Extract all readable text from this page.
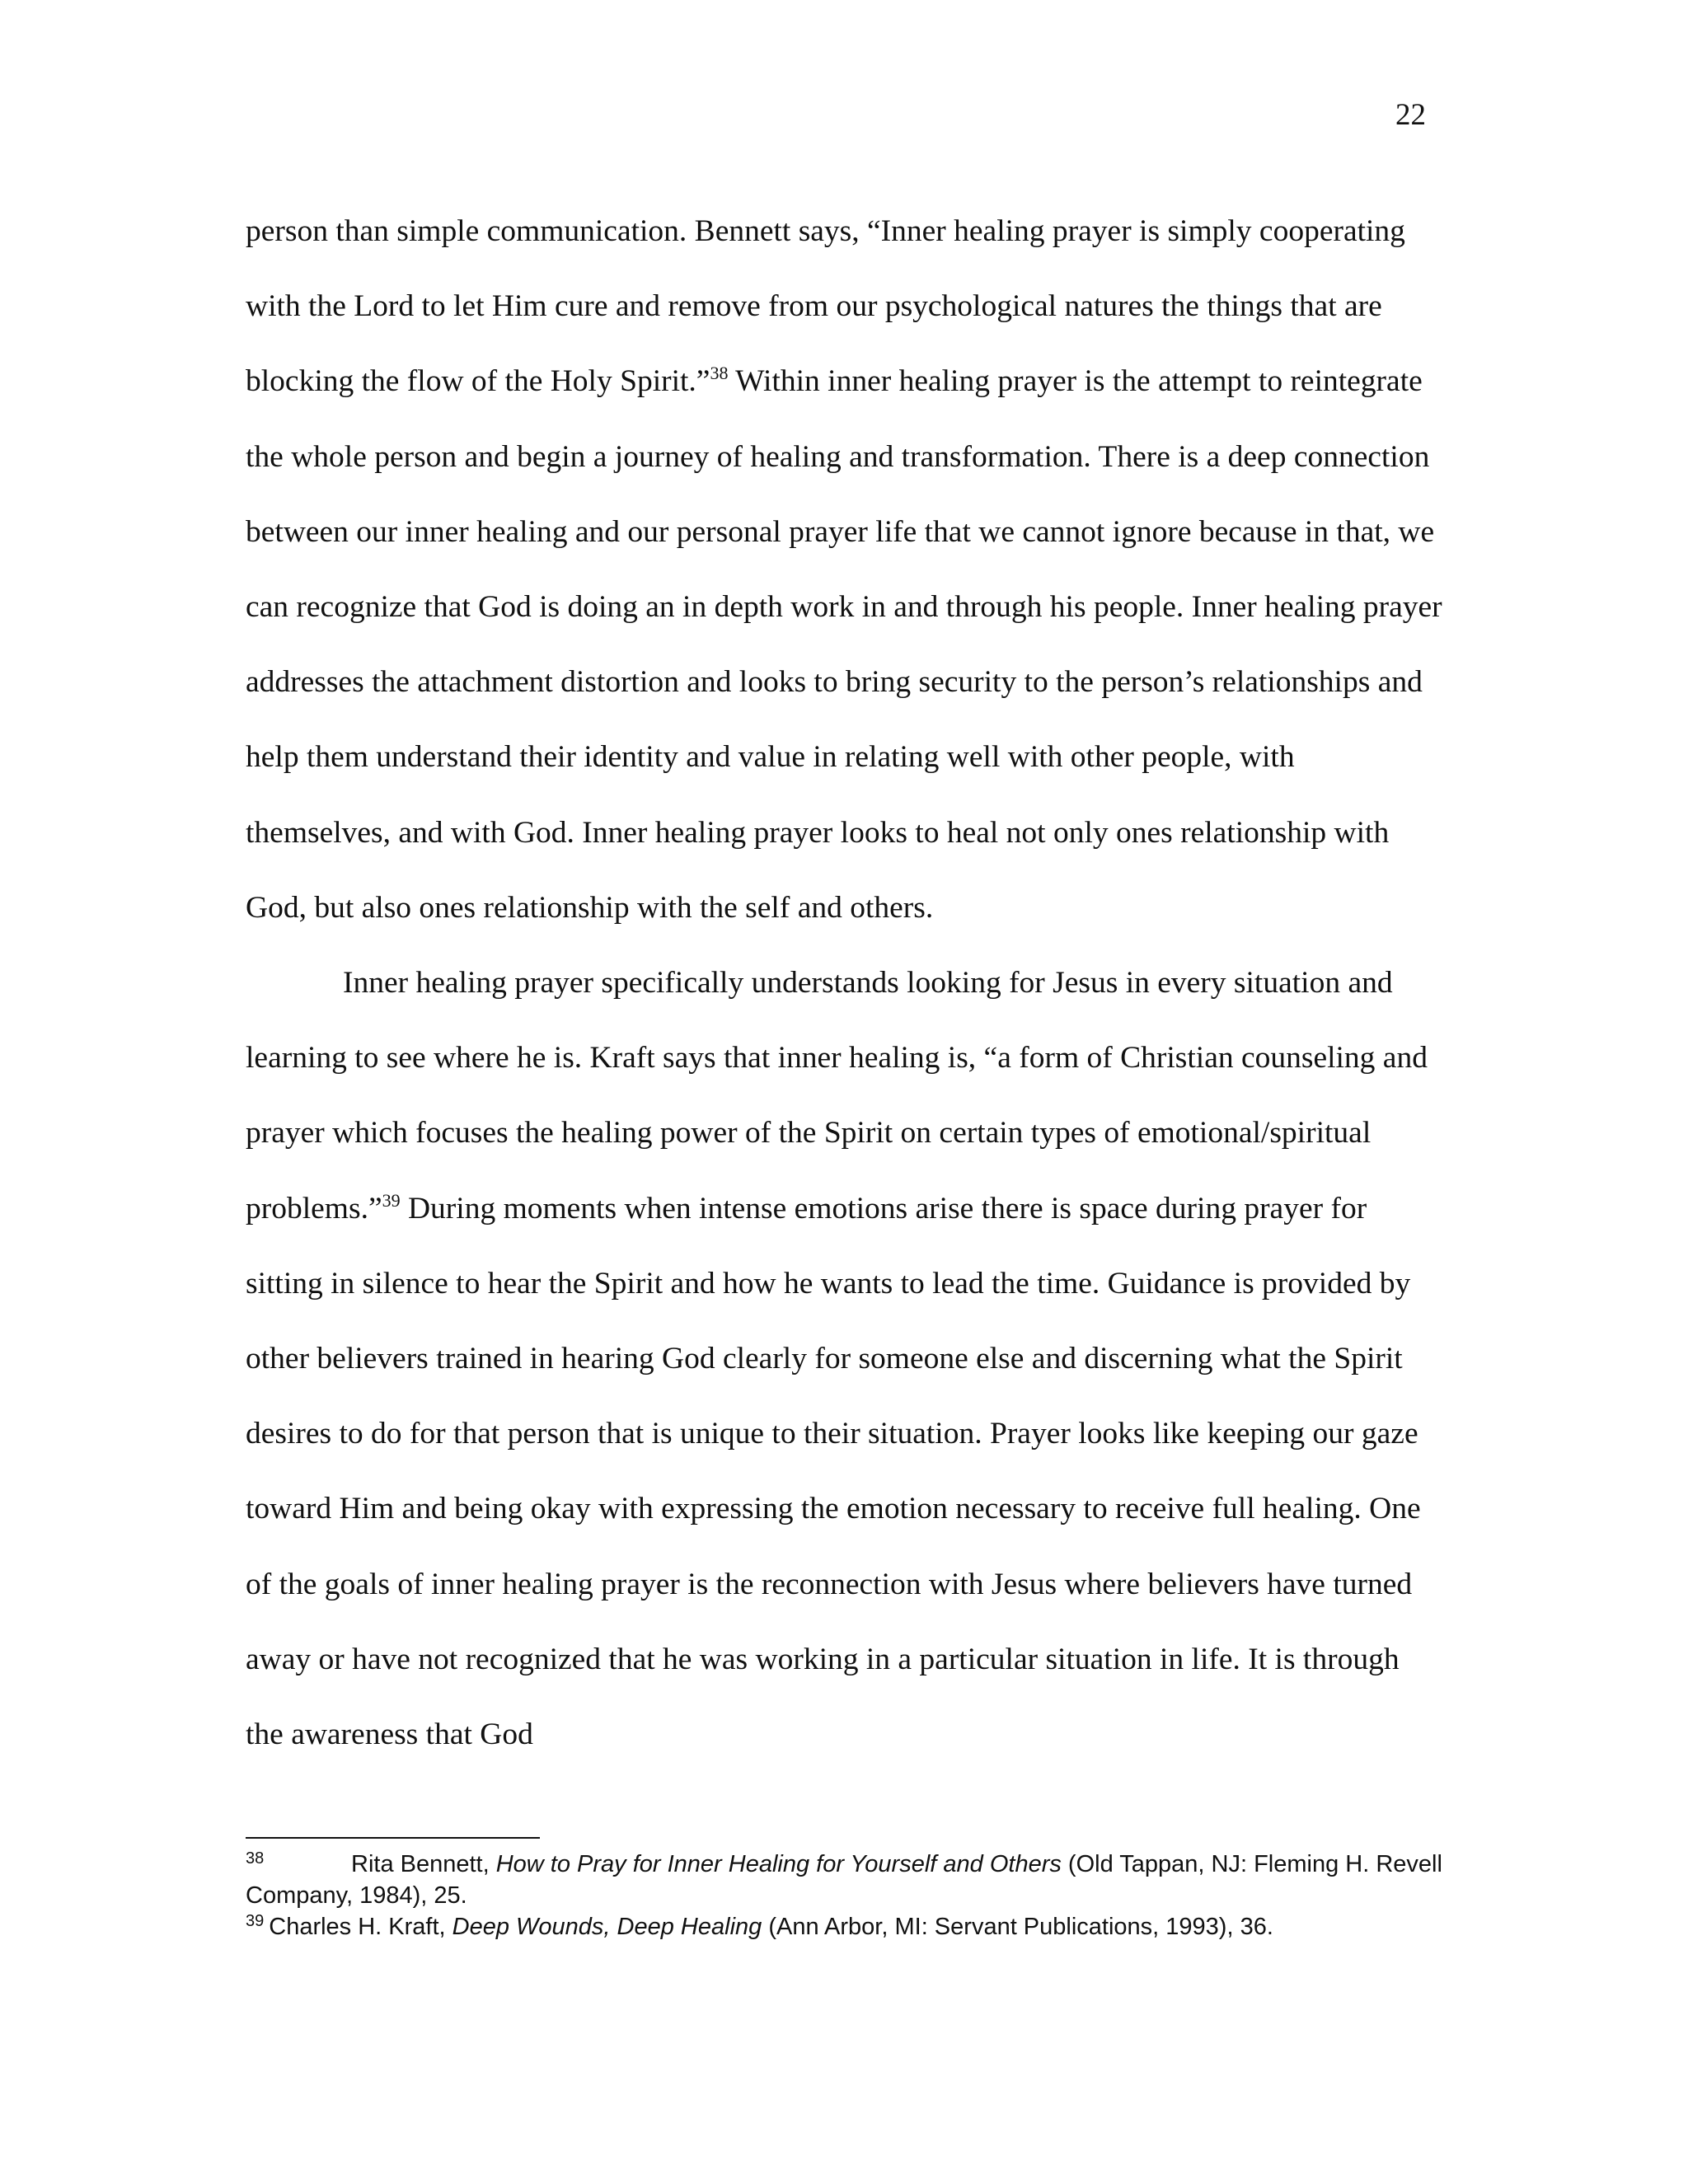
22

person than simple communication. Bennett says, “Inner healing prayer is simply cooperating with the Lord to let Him cure and remove from our psychological natures the things that are blocking the flow of the Holy Spirit.”$^{38}$ Within inner healing prayer is the attempt to reintegrate the whole person and begin a journey of healing and transformation. There is a deep connection between our inner healing and our personal prayer life that we cannot ignore because in that, we can recognize that God is doing an in depth work in and through his people. Inner healing prayer addresses the attachment distortion and looks to bring security to the person’s relationships and help them understand their identity and value in relating well with other people, with themselves, and with God. Inner healing prayer looks to heal not only ones relationship with God, but also ones relationship with the self and others.

Inner healing prayer specifically understands looking for Jesus in every situation and learning to see where he is. Kraft says that inner healing is, “a form of Christian counseling and prayer which focuses the healing power of the Spirit on certain types of emotional/spiritual problems.”$^{39}$ During moments when intense emotions arise there is space during prayer for sitting in silence to hear the Spirit and how he wants to lead the time. Guidance is provided by other believers trained in hearing God clearly for someone else and discerning what the Spirit desires to do for that person that is unique to their situation. Prayer looks like keeping our gaze toward Him and being okay with expressing the emotion necessary to receive full healing. One of the goals of inner healing prayer is the reconnection with Jesus where believers have turned away or have not recognized that he was working in a particular situation in life. It is through the awareness that God

38	Rita Bennett, How to Pray for Inner Healing for Yourself and Others (Old Tappan, NJ: Fleming H. Revell Company, 1984), 25.

$^{39}$ Charles H. Kraft, Deep Wounds, Deep Healing (Ann Arbor, MI: Servant Publications, 1993), 36.
